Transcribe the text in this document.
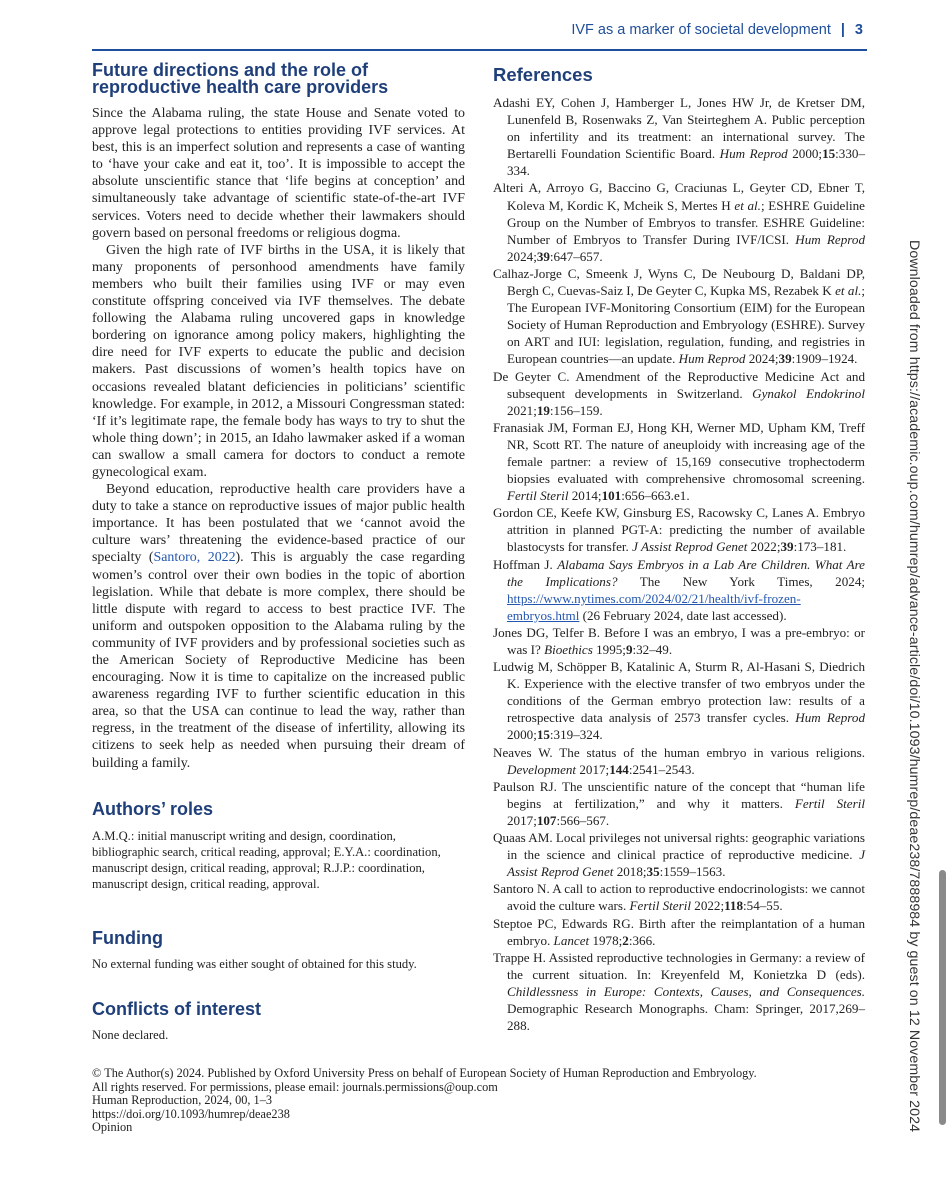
IVF as a marker of societal development | 3
Future directions and the role of
reproductive health care providers

Since the Alabama ruling, the state House and Senate voted to approve legal protections to entities providing IVF services. At best, this is an imperfect solution and represents a case of wanting to ‘have your cake and eat it, too’. It is impossible to accept the absolute unscientific stance that ‘life begins at conception’ and simultaneously take advantage of scientific state-of-the-art IVF services. Voters need to decide whether their lawmakers should govern based on personal freedoms or religious dogma.

Given the high rate of IVF births in the USA, it is likely that many proponents of personhood amendments have family members who built their families using IVF or may even constitute offspring conceived via IVF themselves. The debate following the Alabama ruling uncovered gaps in knowledge bordering on ignorance among policy makers, highlighting the dire need for IVF experts to educate the public and decision makers. Past discussions of women’s health topics have on occasions revealed blatant deficiencies in politicians’ scientific knowledge. For example, in 2012, a Missouri Congressman stated: ‘If it’s legitimate rape, the female body has ways to try to shut the whole thing down’; in 2015, an Idaho lawmaker asked if a woman can swallow a small camera for doctors to conduct a remote gynecological exam.

Beyond education, reproductive health care providers have a duty to take a stance on reproductive issues of major public health importance. It has been postulated that we ‘cannot avoid the culture wars’ threatening the evidence-based practice of our specialty (Santoro, 2022). This is arguably the case regarding women’s control over their own bodies in the topic of abortion legislation. While that debate is more complex, there should be little dispute with regard to access to best practice IVF. The uniform and outspoken opposition to the Alabama ruling by the community of IVF providers and by professional societies such as the American Society of Reproductive Medicine has been encouraging. Now it is time to capitalize on the increased public awareness regarding IVF to further scientific education in this area, so that the USA can continue to lead the way, rather than regress, in the treatment of the disease of infertility, allowing its citizens to seek help as needed when pursuing their dream of building a family.

Authors’ roles

A.M.Q.: initial manuscript writing and design, coordination, bibliographic search, critical reading, approval; E.Y.A.: coordination, manuscript design, critical reading, approval; R.J.P.: coordination, manuscript design, critical reading, approval.

Funding

No external funding was either sought of obtained for this study.

Conflicts of interest

None declared.

References
Adashi EY, Cohen J, Hamberger L, Jones HW Jr, de Kretser DM, Lunenfeld B, Rosenwaks Z, Van Steirteghem A. Public perception on infertility and its treatment: an international survey. The Bertarelli Foundation Scientific Board. Hum Reprod 2000;15:330–334.
Alteri A, Arroyo G, Baccino G, Craciunas L, Geyter CD, Ebner T, Koleva M, Kordic K, Mcheik S, Mertes H et al.; ESHRE Guideline Group on the Number of Embryos to transfer. ESHRE Guideline: Number of Embryos to Transfer During IVF/ICSI. Hum Reprod 2024;39:647–657.
Calhaz-Jorge C, Smeenk J, Wyns C, De Neubourg D, Baldani DP, Bergh C, Cuevas-Saiz I, De Geyter C, Kupka MS, Rezabek K et al.; The European IVF-Monitoring Consortium (EIM) for the European Society of Human Reproduction and Embryology (ESHRE). Survey on ART and IUI: legislation, regulation, funding, and registries in European countries—an update. Hum Reprod 2024;39:1909–1924.
De Geyter C. Amendment of the Reproductive Medicine Act and subsequent developments in Switzerland. Gynakol Endokrinol 2021;19:156–159.
Franasiak JM, Forman EJ, Hong KH, Werner MD, Upham KM, Treff NR, Scott RT. The nature of aneuploidy with increasing age of the female partner: a review of 15,169 consecutive trophectoderm biopsies evaluated with comprehensive chromosomal screening. Fertil Steril 2014;101:656–663.e1.
Gordon CE, Keefe KW, Ginsburg ES, Racowsky C, Lanes A. Embryo attrition in planned PGT-A: predicting the number of available blastocysts for transfer. J Assist Reprod Genet 2022;39:173–181.
Hoffman J. Alabama Says Embryos in a Lab Are Children. What Are the Implications? The New York Times, 2024; https://www.nytimes.com/2024/02/21/health/ivf-frozen-embryos.html (26 February 2024, date last accessed).
Jones DG, Telfer B. Before I was an embryo, I was a pre-embryo: or was I? Bioethics 1995;9:32–49.
Ludwig M, Schöpper B, Katalinic A, Sturm R, Al-Hasani S, Diedrich K. Experience with the elective transfer of two embryos under the conditions of the German embryo protection law: results of a retrospective data analysis of 2573 transfer cycles. Hum Reprod 2000;15:319–324.
Neaves W. The status of the human embryo in various religions. Development 2017;144:2541–2543.
Paulson RJ. The unscientific nature of the concept that “human life begins at fertilization,” and why it matters. Fertil Steril 2017;107:566–567.
Quaas AM. Local privileges not universal rights: geographic variations in the science and clinical practice of reproductive medicine. J Assist Reprod Genet 2018;35:1559–1563.
Santoro N. A call to action to reproductive endocrinologists: we cannot avoid the culture wars. Fertil Steril 2022;118:54–55.
Steptoe PC, Edwards RG. Birth after the reimplantation of a human embryo. Lancet 1978;2:366.
Trappe H. Assisted reproductive technologies in Germany: a review of the current situation. In: Kreyenfeld M, Konietzka D (eds). Childlessness in Europe: Contexts, Causes, and Consequences. Demographic Research Monographs. Cham: Springer, 2017,269–288.
© The Author(s) 2024. Published by Oxford University Press on behalf of European Society of Human Reproduction and Embryology.
All rights reserved. For permissions, please email: journals.permissions@oup.com
Human Reproduction, 2024, 00, 1–3
https://doi.org/10.1093/humrep/deae238
Opinion	Downloaded from https://academic.oup.com/humrep/advance-article/doi/10.1093/humrep/deae238/7888984 by guest on 12 November 2024
